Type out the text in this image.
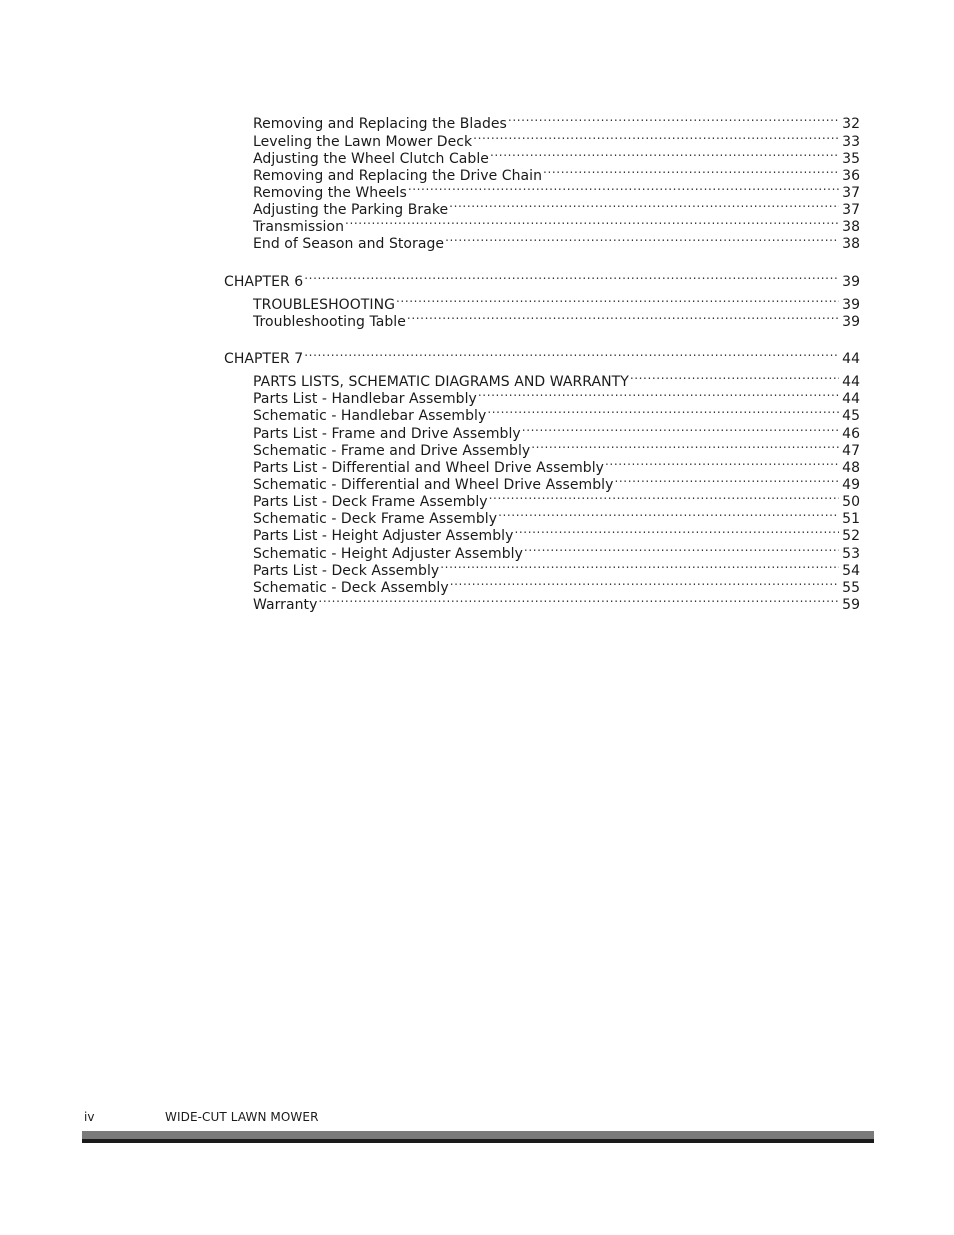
Removing and Replacing the Blades .....	32
Leveling the Lawn Mower Deck .....	33
Adjusting the Wheel Clutch Cable .....	35
Removing and Replacing the Drive Chain .....	36
Removing the Wheels .....	37
Adjusting the Parking Brake .....	37
Transmission .....	38
End of Season and Storage .....	38
CHAPTER 6 .....	39
TROUBLESHOOTING .....	39
Troubleshooting Table .....	39
CHAPTER 7 .....	44
PARTS LISTS, SCHEMATIC DIAGRAMS AND WARRANTY .....	44
Parts List - Handlebar Assembly .....	44
Schematic - Handlebar Assembly .....	45
Parts List - Frame and Drive Assembly .....	46
Schematic - Frame and Drive Assembly .....	47
Parts List - Differential and Wheel Drive Assembly .....	48
Schematic - Differential and Wheel Drive Assembly .....	49
Parts List - Deck Frame Assembly .....	50
Schematic - Deck Frame Assembly .....	51
Parts List - Height Adjuster Assembly .....	52
Schematic - Height Adjuster Assembly .....	53
Parts List - Deck Assembly .....	54
Schematic - Deck Assembly .....	55
Warranty .....	59
iv	WIDE-CUT LAWN MOWER
